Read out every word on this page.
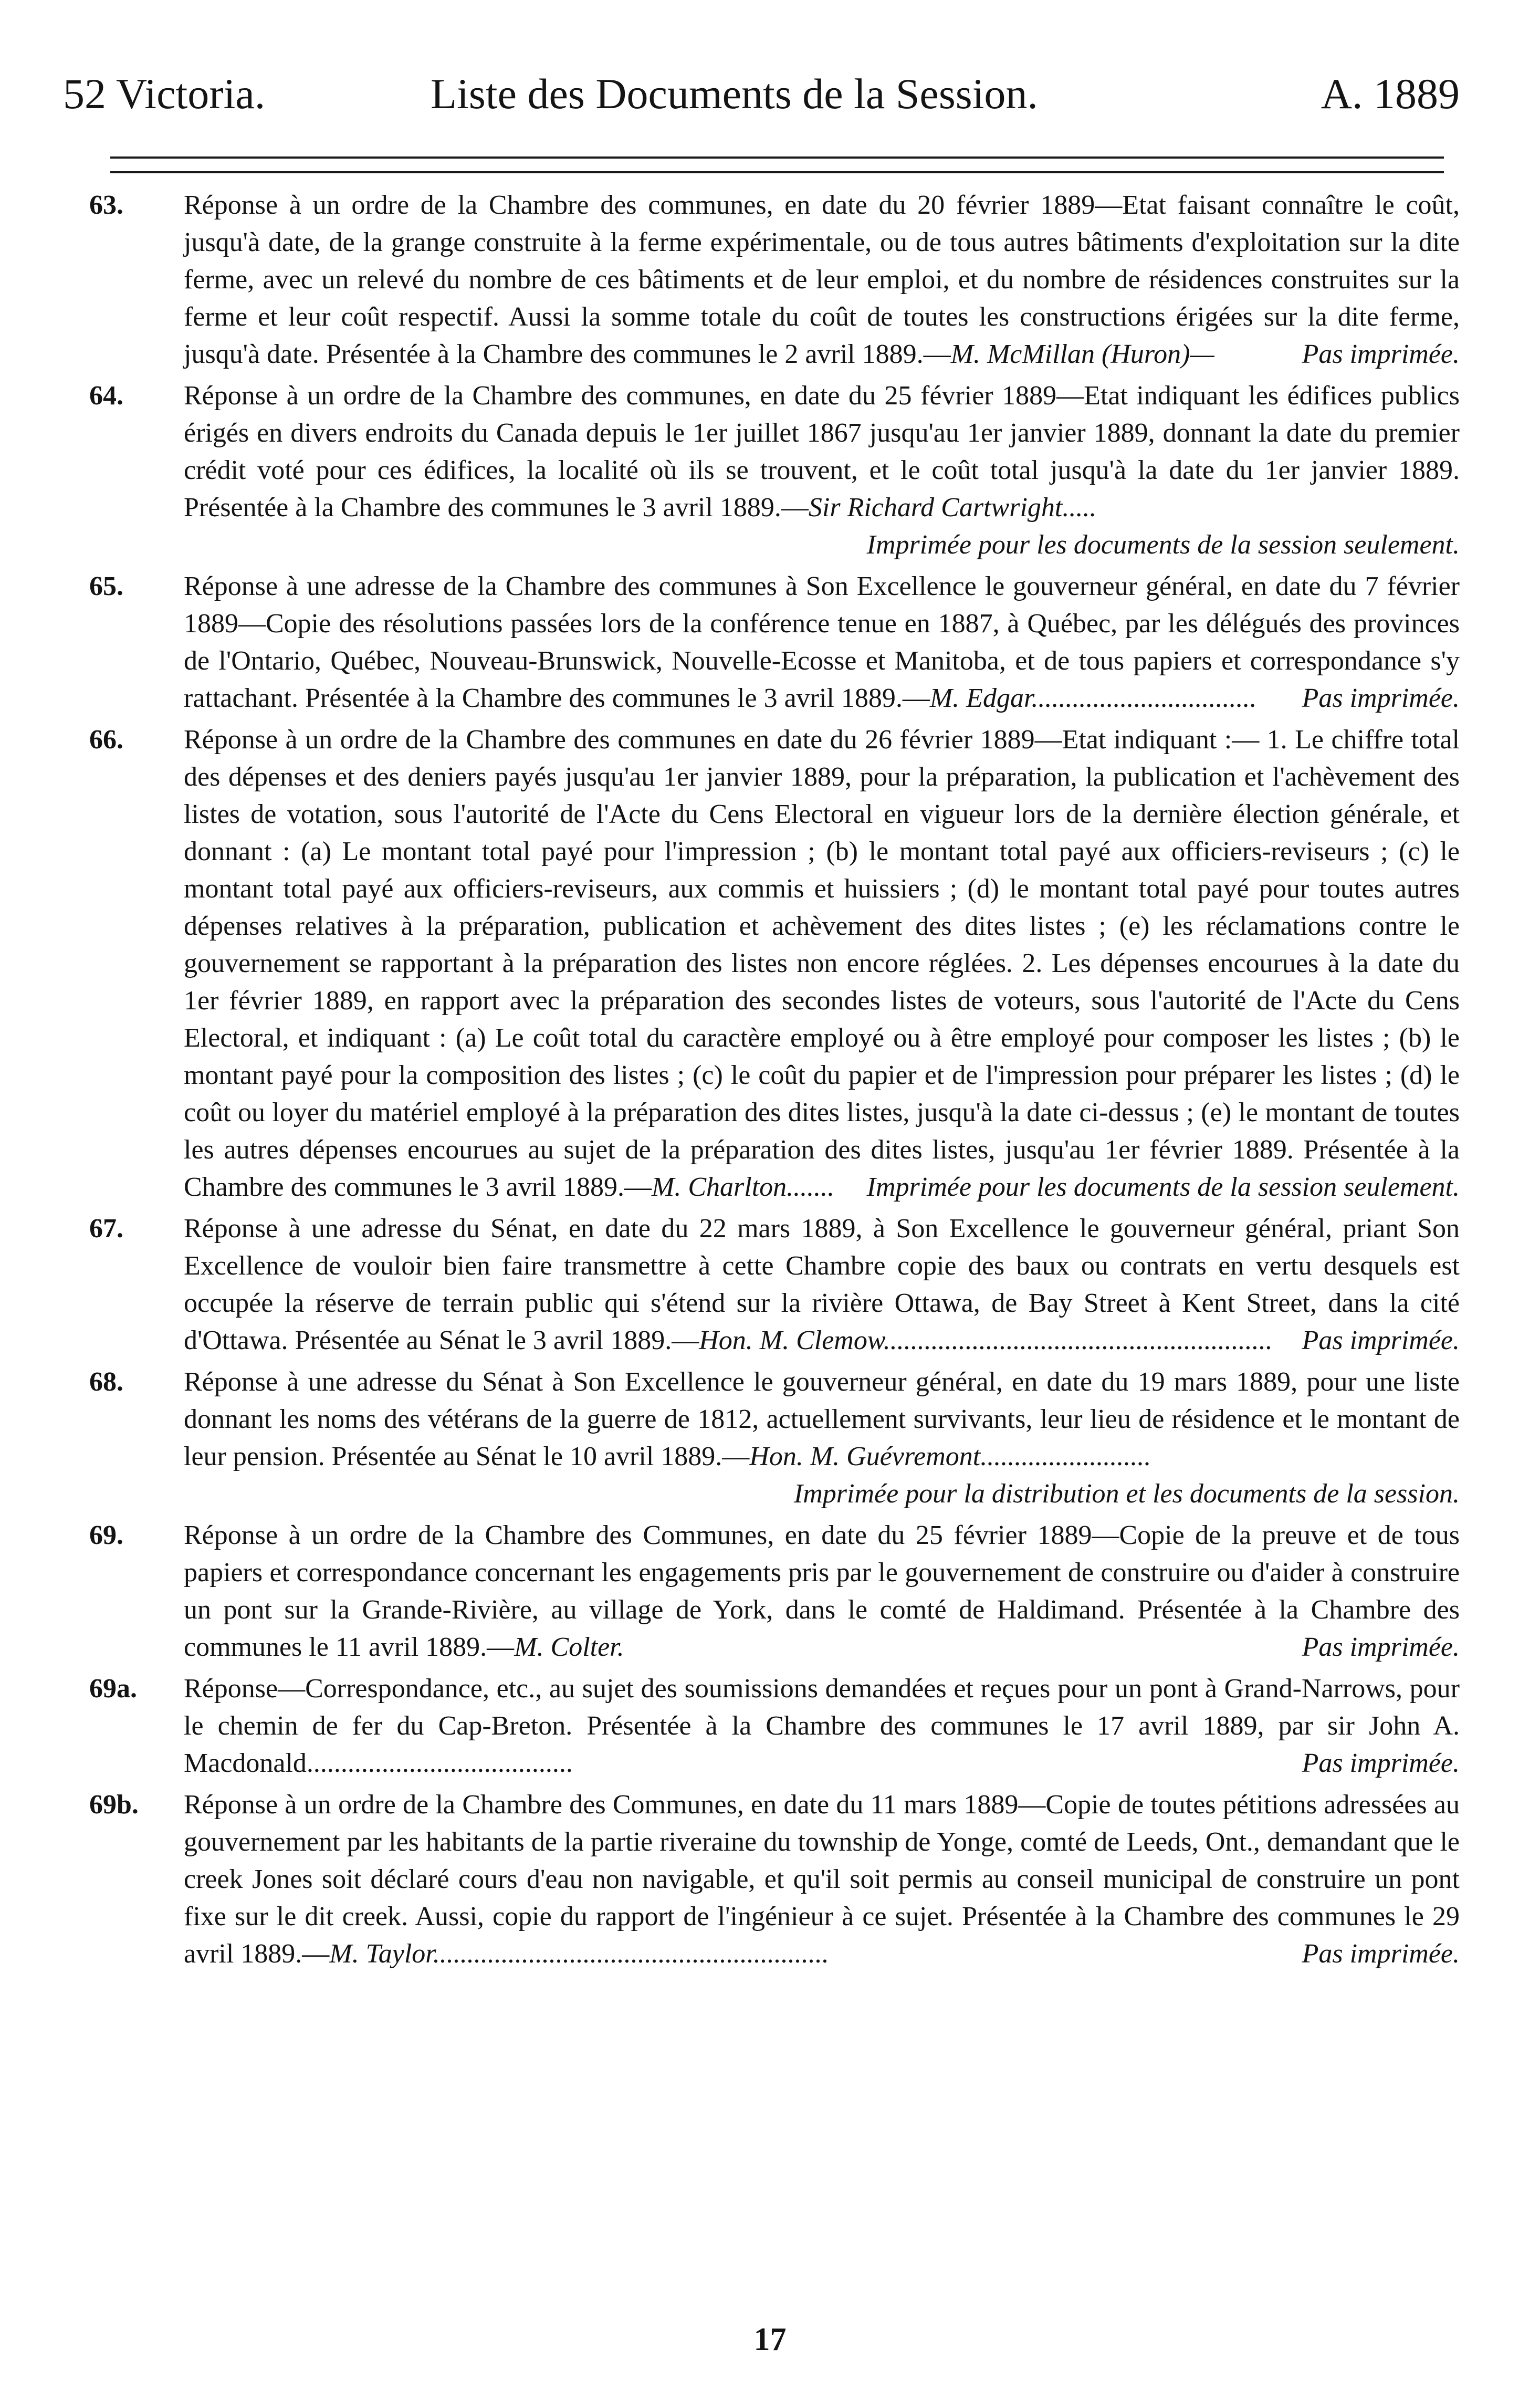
52 Victoria.	Liste des Documents de la Session.	A. 1889
63.	Réponse à un ordre de la Chambre des communes, en date du 20 février 1889—Etat faisant connaître le coût, jusqu'à date, de la grange construite à la ferme expérimentale, ou de tous autres bâtiments d'exploitation sur la dite ferme, avec un relevé du nombre de ces bâtiments et de leur emploi, et du nombre de résidences construites sur la ferme et leur coût respectif. Aussi la somme totale du coût de toutes les constructions érigées sur la dite ferme, jusqu'à date. Présentée à la Chambre des communes le 2 avril 1889.—M. McMillan (Huron)—	Pas imprimée.
64.	Réponse à un ordre de la Chambre des communes, en date du 25 février 1889—Etat indiquant les édifices publics érigés en divers endroits du Canada depuis le 1er juillet 1867 jusqu'au 1er janvier 1889, donnant la date du premier crédit voté pour ces édifices, la localité où ils se trouvent, et le coût total jusqu'à la date du 1er janvier 1889. Présentée à la Chambre des communes le 3 avril 1889.—Sir Richard Cartwright.....
Imprimée pour les documents de la session seulement.
65.	Réponse à une adresse de la Chambre des communes à Son Excellence le gouverneur général, en date du 7 février 1889—Copie des résolutions passées lors de la conférence tenue en 1887, à Québec, par les délégués des provinces de l'Ontario, Québec, Nouveau-Brunswick, Nouvelle-Ecosse et Manitoba, et de tous papiers et correspondance s'y rattachant. Présentée à la Chambre des communes le 3 avril 1889.—M. Edgar................................. Pas imprimée.
66.	Réponse à un ordre de la Chambre des communes en date du 26 février 1889—Etat indiquant :— 1. Le chiffre total des dépenses et des deniers payés jusqu'au 1er janvier 1889, pour la préparation, la publication et l'achèvement des listes de votation, sous l'autorité de l'Acte du Cens Electoral en vigueur lors de la dernière élection générale, et donnant : (a) Le montant total payé pour l'impression ; (b) le montant total payé aux officiers-reviseurs ; (c) le montant total payé aux officiers-reviseurs, aux commis et huissiers ; (d) le montant total payé pour toutes autres dépenses relatives à la préparation, publication et achèvement des dites listes ; (e) les réclamations contre le gouvernement se rapportant à la préparation des listes non encore réglées. 2. Les dépenses encourues à la date du 1er février 1889, en rapport avec la préparation des secondes listes de voteurs, sous l'autorité de l'Acte du Cens Electoral, et indiquant : (a) Le coût total du caractère employé ou à être employé pour composer les listes ; (b) le montant payé pour la composition des listes ; (c) le coût du papier et de l'impression pour préparer les listes ; (d) le coût ou loyer du matériel employé à la préparation des dites listes, jusqu'à la date ci-dessus ; (e) le montant de toutes les autres dépenses encourues au sujet de la préparation des dites listes, jusqu'au 1er février 1889. Présentée à la Chambre des communes le 3 avril 1889.—M. Charlton....... Imprimée pour les documents de la session seulement.
67.	Réponse à une adresse du Sénat, en date du 22 mars 1889, à Son Excellence le gouverneur général, priant Son Excellence de vouloir bien faire transmettre à cette Chambre copie des baux ou contrats en vertu desquels est occupée la réserve de terrain public qui s'étend sur la rivière Ottawa, de Bay Street à Kent Street, dans la cité d'Ottawa. Présentée au Sénat le 3 avril 1889.—Hon. M. Clemow......................................................... Pas imprimée.
68.	Réponse à une adresse du Sénat à Son Excellence le gouverneur général, en date du 19 mars 1889, pour une liste donnant les noms des vétérans de la guerre de 1812, actuellement survivants, leur lieu de résidence et le montant de leur pension. Présentée au Sénat le 10 avril 1889.—Hon. M. Guévremont.........................
Imprimée pour la distribution et les documents de la session.
69.	Réponse à un ordre de la Chambre des Communes, en date du 25 février 1889—Copie de la preuve et de tous papiers et correspondance concernant les engagements pris par le gouvernement de construire ou d'aider à construire un pont sur la Grande-Rivière, au village de York, dans le comté de Haldimand. Présentée à la Chambre des communes le 11 avril 1889.—M. Colter.	Pas imprimée.
69a.	Réponse—Correspondance, etc., au sujet des soumissions demandées et reçues pour un pont à Grand-Narrows, pour le chemin de fer du Cap-Breton. Présentée à la Chambre des communes le 17 avril 1889, par sir John A. Macdonald.......................................	Pas imprimée.
69b.	Réponse à un ordre de la Chambre des Communes, en date du 11 mars 1889—Copie de toutes pétitions adressées au gouvernement par les habitants de la partie riveraine du township de Yonge, comté de Leeds, Ont., demandant que le creek Jones soit déclaré cours d'eau non navigable, et qu'il soit permis au conseil municipal de construire un pont fixe sur le dit creek. Aussi, copie du rapport de l'ingénieur à ce sujet. Présentée à la Chambre des communes le 29 avril 1889.—M. Taylor..........................................................	Pas imprimée.
17
